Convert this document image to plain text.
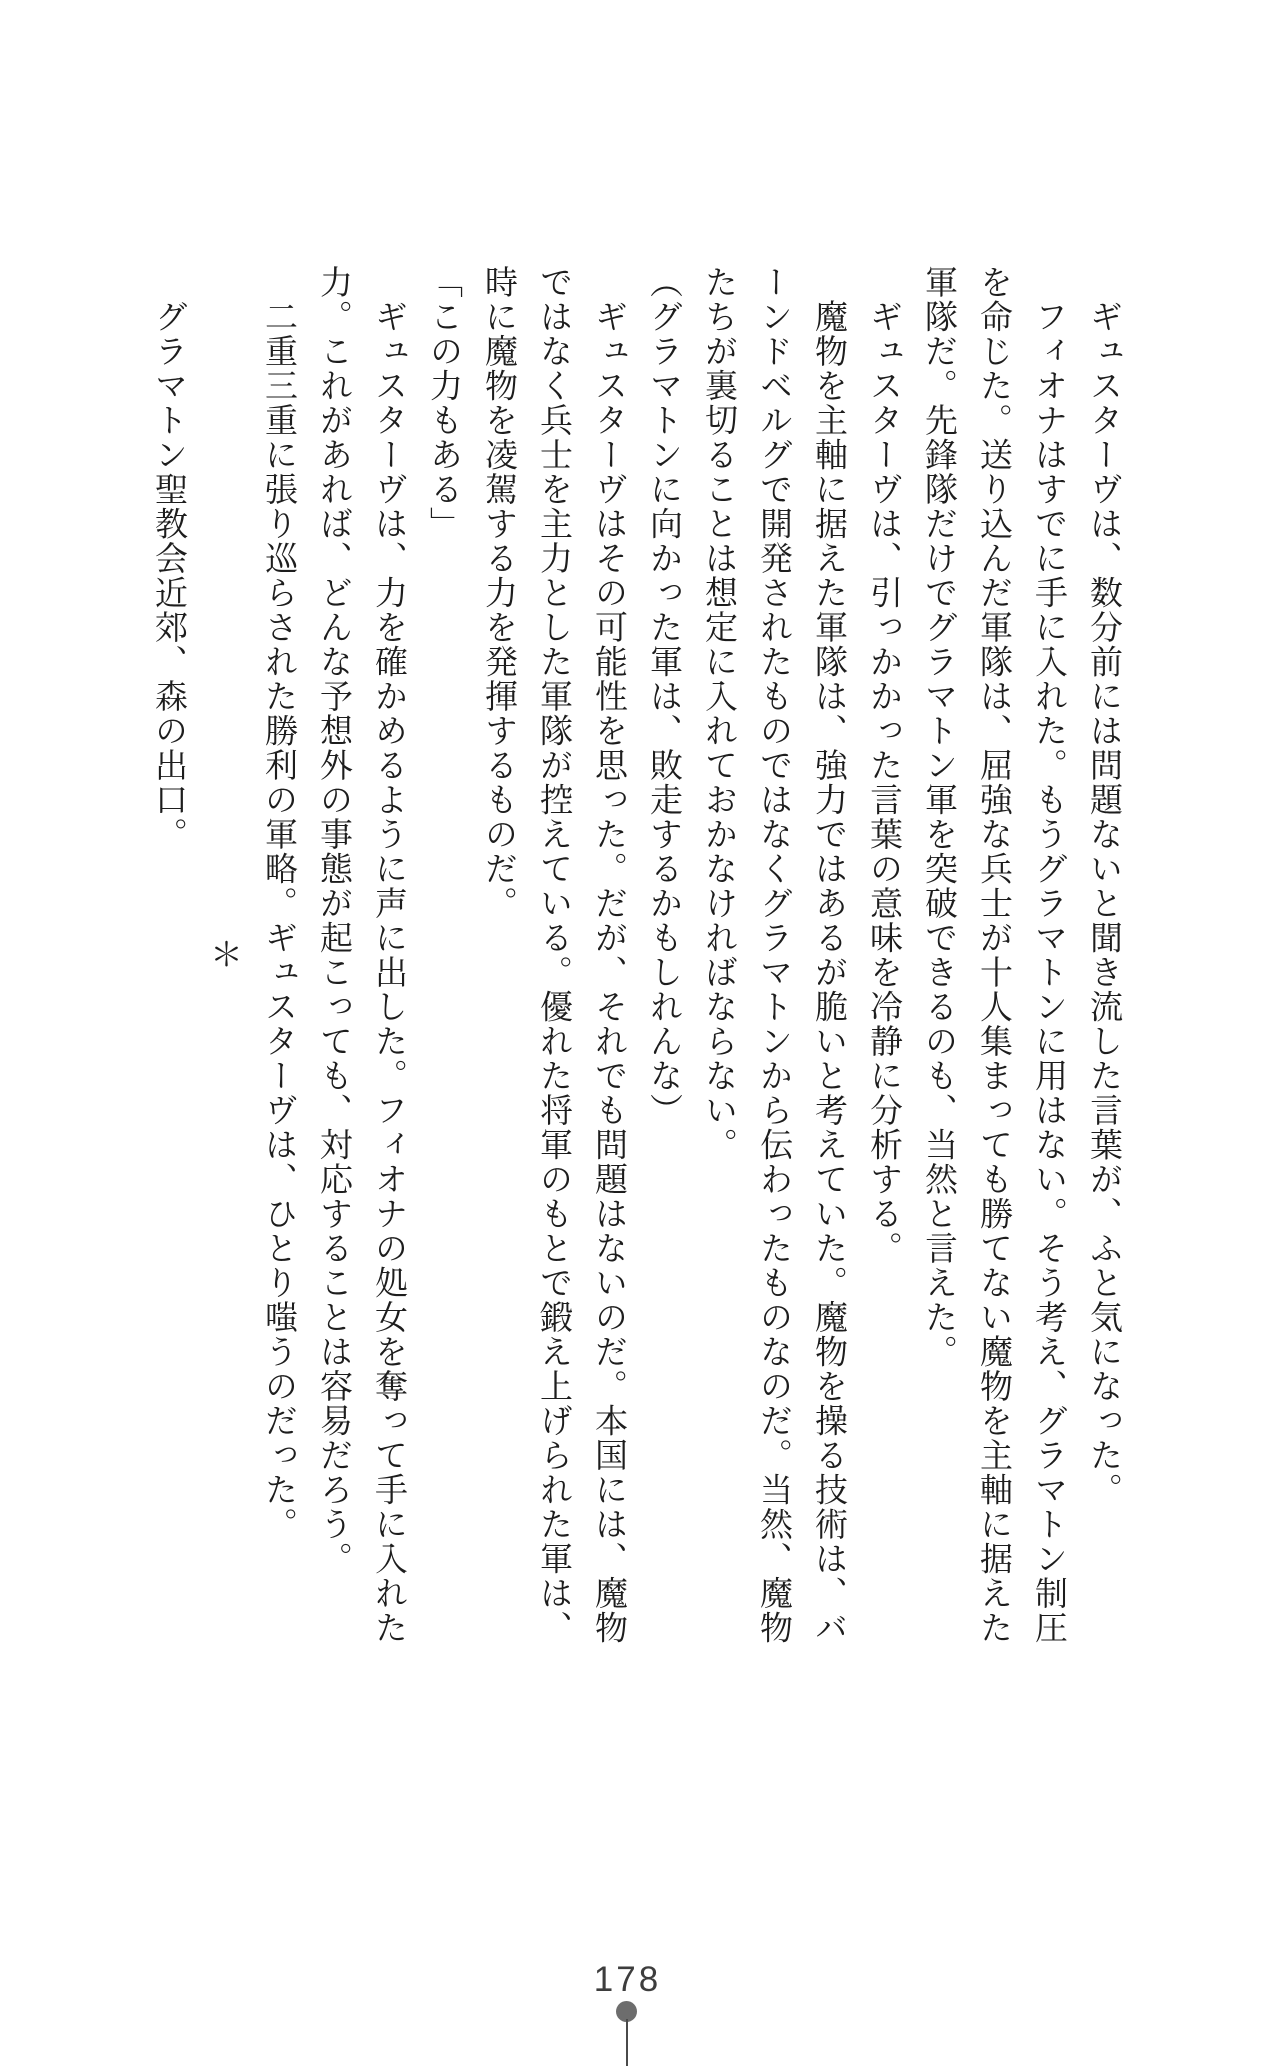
　ギュスターヴは、数分前には問題ないと聞き流した言葉が、ふと気になった。

　フィオナはすでに手に入れた。もうグラマトンに用はない。そう考え、グラマトン制圧

を命じた。送り込んだ軍隊は、屈強な兵士が十人集まっても勝てない魔物を主軸に据えた

軍隊だ。先鋒隊だけでグラマトン軍を突破できるのも、当然と言えた。

　ギュスターヴは、引っかかった言葉の意味を冷静に分析する。

　魔物を主軸に据えた軍隊は、強力ではあるが脆いと考えていた。魔物を操る技術は、バ

ーンドベルグで開発されたものではなくグラマトンから伝わったものなのだ。当然、魔物

たちが裏切ることは想定に入れておかなければならない。

（グラマトンに向かった軍は、敗走するかもしれんな）

　ギュスターヴはその可能性を思った。だが、それでも問題はないのだ。本国には、魔物

ではなく兵士を主力とした軍隊が控えている。優れた将軍のもとで鍛え上げられた軍は、

時に魔物を凌駕する力を発揮するものだ。

「この力もある」

　ギュスターヴは、力を確かめるように声に出した。フィオナの処女を奪って手に入れた

力。これがあれば、どんな予想外の事態が起こっても、対応することは容易だろう。

　二重三重に張り巡らされた勝利の軍略。ギュスターヴは、ひとり嗤うのだった。

＊

　グラマトン聖教会近郊、森の出口。

178
